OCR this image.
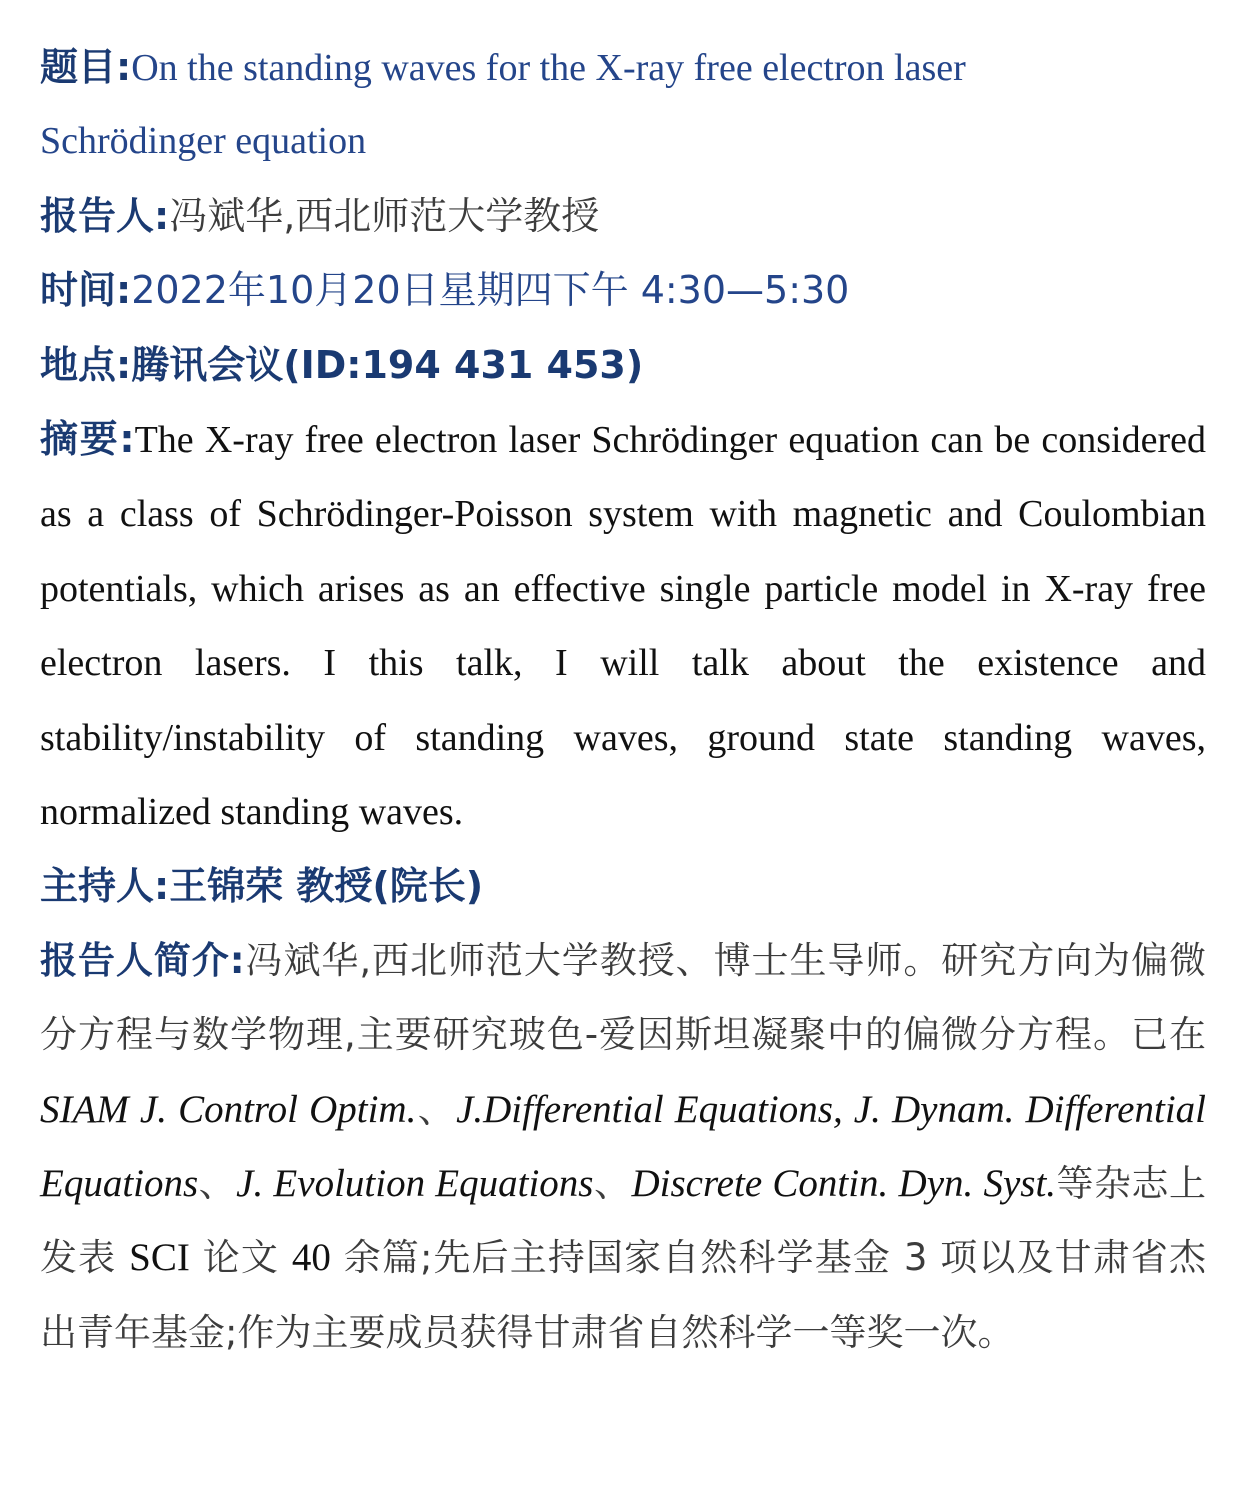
题目:On the standing waves for the X-ray free electron laser
Schrödinger equation
报告人:冯斌华,西北师范大学教授
时间:2022年10月20日星期四下午 4:30—5:30
地点:腾讯会议(ID:194 431 453)
摘要:The X-ray free electron laser Schrödinger equation can be considered as a class of Schrödinger-Poisson system with magnetic and Coulombian potentials, which arises as an effective single particle model in X-ray free electron lasers. I this talk, I will talk about the existence and stability/instability of standing waves, ground state standing waves, normalized standing waves.
主持人:王锦荣 教授(院长)
报告人简介:冯斌华,西北师范大学教授、博士生导师。研究方向为偏微分方程与数学物理,主要研究玻色-爱因斯坦凝聚中的偏微分方程。已在SIAM J. Control Optim.、J.Differential Equations, J. Dynam. Differential Equations、J. Evolution Equations、Discrete Contin. Dyn. Syst.等杂志上发表 SCI 论文 40 余篇;先后主持国家自然科学基金 3 项以及甘肃省杰出青年基金;作为主要成员获得甘肃省自然科学一等奖一次。
